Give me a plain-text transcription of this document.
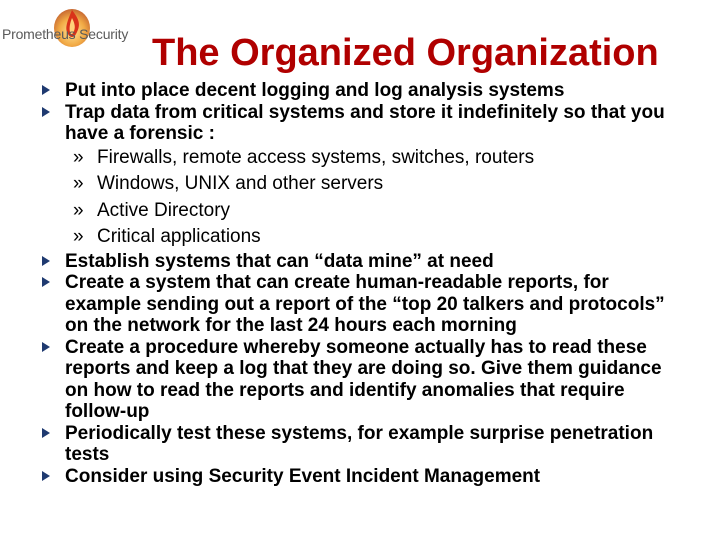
Prometheus Security The Organized Organization
Put into place decent logging and log analysis systems
Trap data from critical systems and store it indefinitely so that you have a forensic :
» Firewalls, remote access systems, switches, routers
» Windows, UNIX and other servers
» Active Directory
» Critical applications
Establish systems that can “data mine” at need
Create a system that can create human-readable reports, for example sending out a report of the “top 20 talkers and protocols” on the network for the last 24 hours each morning
Create a procedure whereby someone actually has to read these reports and keep a log that they are doing so. Give them guidance on how to read the reports and identify anomalies that require follow-up
Periodically test these systems, for example surprise penetration tests
Consider using Security Event Incident Management
